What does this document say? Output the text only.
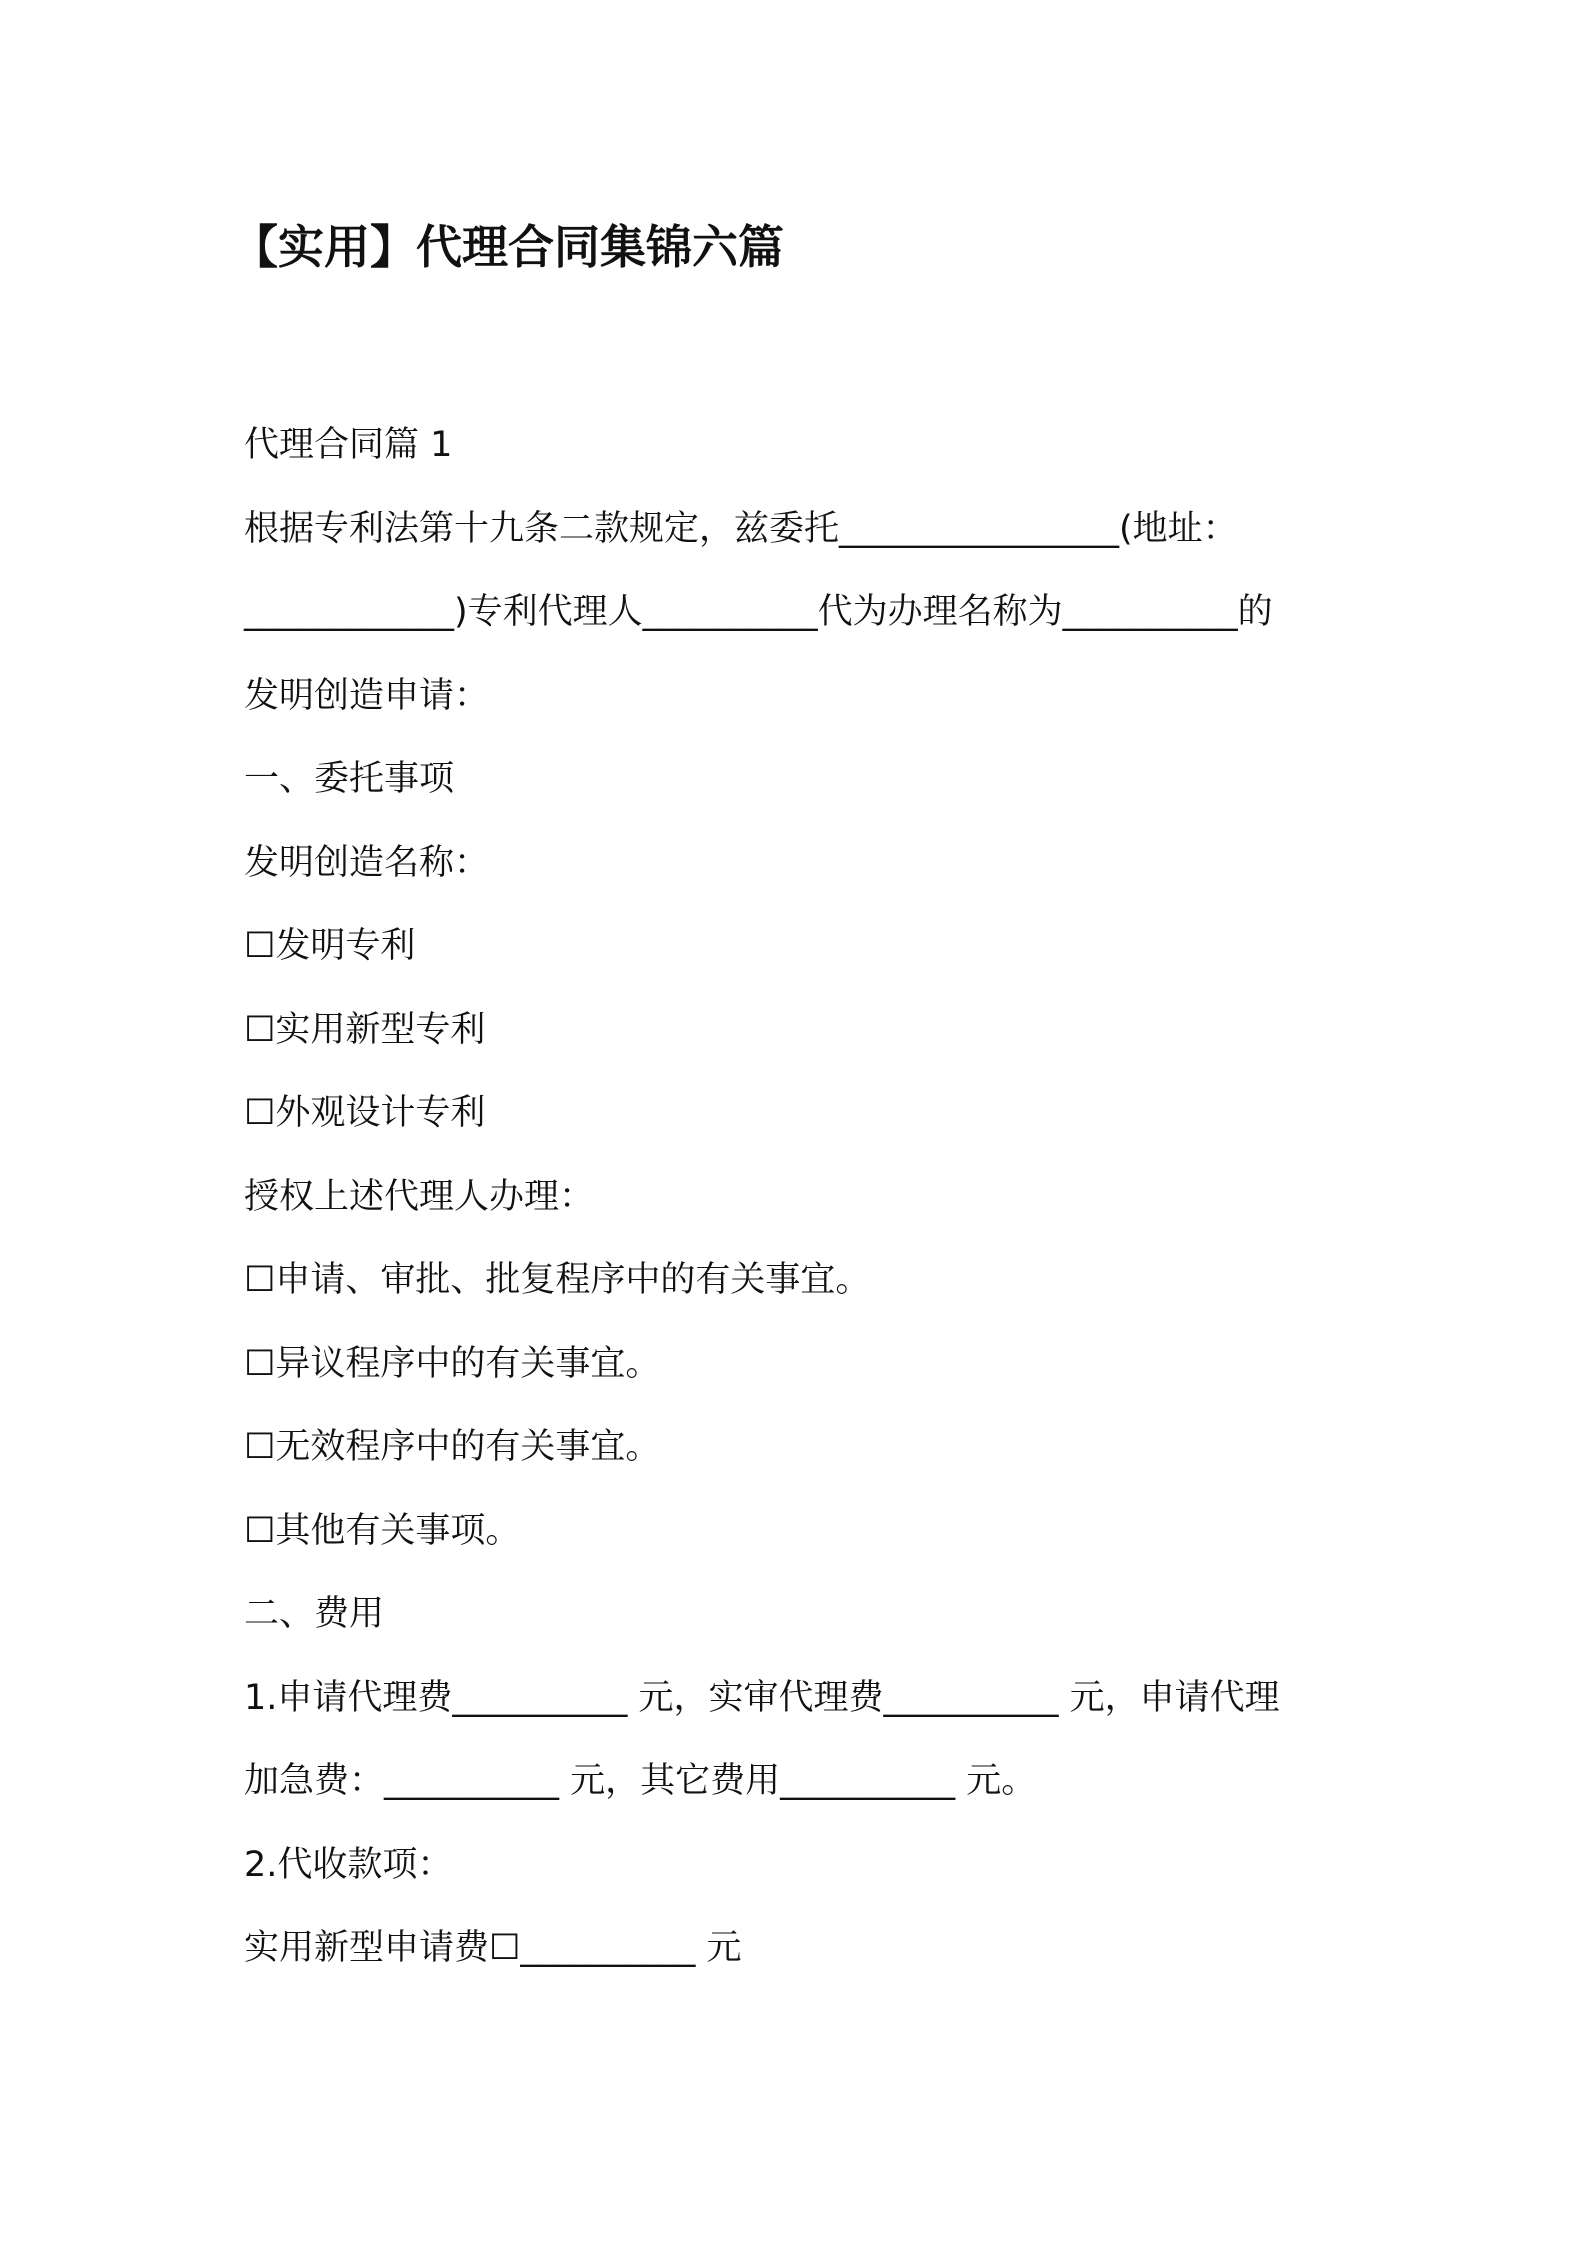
【实用】代理合同集锦六篇

代理合同篇 1

根据专利法第十九条二款规定，兹委托________________(地址：

____________)专利代理人__________代为办理名称为__________的

发明创造申请：

一、委托事项

发明创造名称：

☐发明专利

☐实用新型专利

☐外观设计专利

授权上述代理人办理：

☐申请、审批、批复程序中的有关事宜。

☐异议程序中的有关事宜。

☐无效程序中的有关事宜。

☐其他有关事项。

二、费用

1.申请代理费__________ 元，实审代理费__________ 元，申请代理

加急费：__________ 元，其它费用__________ 元。

2.代收款项：

实用新型申请费☐__________ 元
